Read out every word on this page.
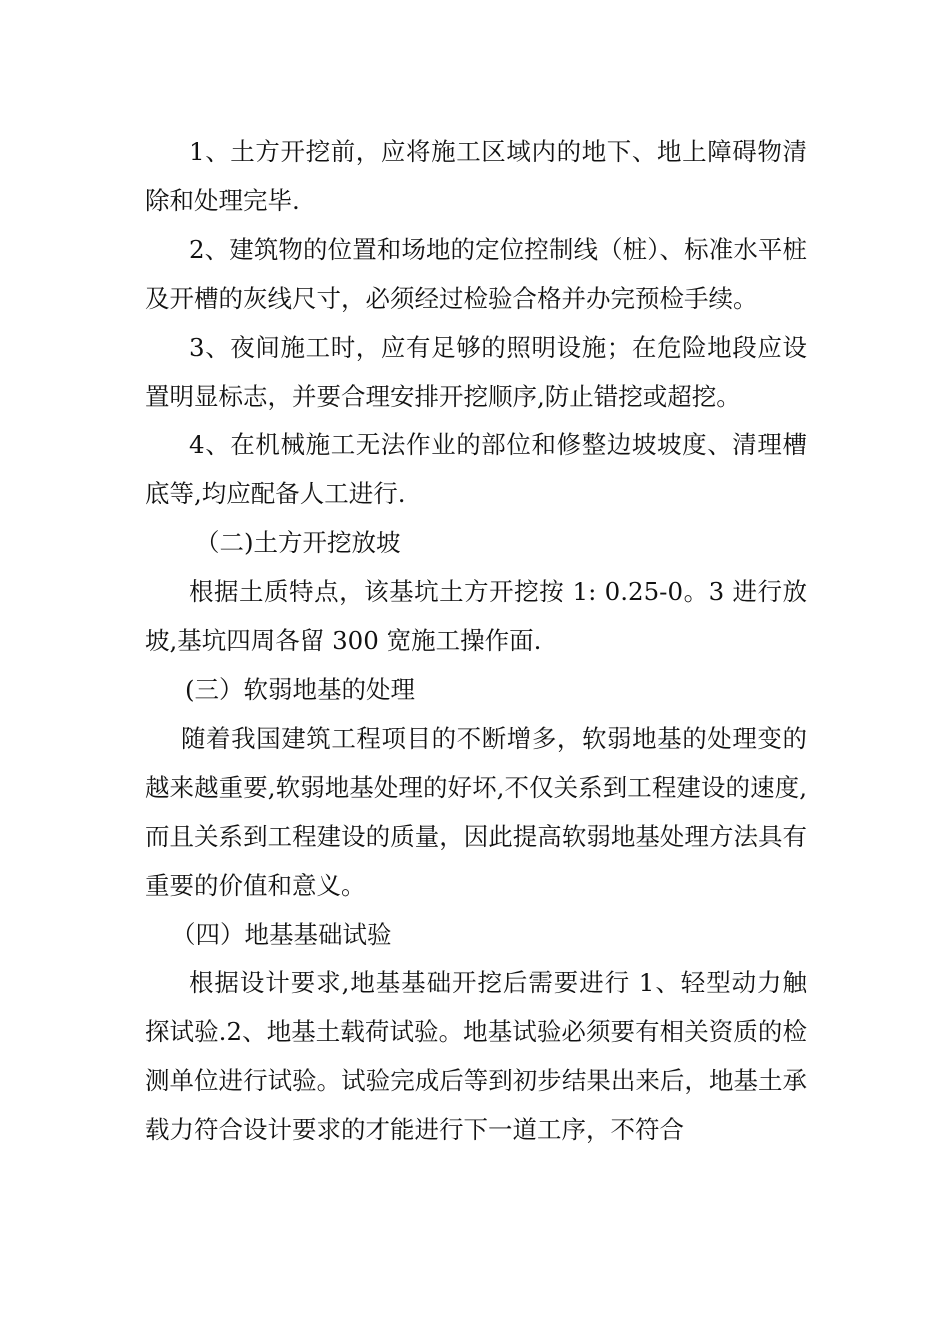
1、土方开挖前，应将施工区域内的地下、地上障碍物清除和处理完毕.

2、建筑物的位置和场地的定位控制线（桩）、标准水平桩及开槽的灰线尺寸，必须经过检验合格并办完预检手续。

3、夜间施工时，应有足够的照明设施；在危险地段应设置明显标志，并要合理安排开挖顺序,防止错挖或超挖。

4、在机械施工无法作业的部位和修整边坡坡度、清理槽底等,均应配备人工进行.

（二)土方开挖放坡

根据土质特点，该基坑土方开挖按 1: 0.25-0。3 进行放坡,基坑四周各留 300 宽施工操作面.

(三）软弱地基的处理

随着我国建筑工程项目的不断增多，软弱地基的处理变的越来越重要,软弱地基处理的好坏,不仅关系到工程建设的速度,而且关系到工程建设的质量，因此提高软弱地基处理方法具有重要的价值和意义。

（四）地基基础试验

根据设计要求,地基基础开挖后需要进行 1、轻型动力触探试验.2、地基土载荷试验。地基试验必须要有相关资质的检测单位进行试验。试验完成后等到初步结果出来后，地基土承载力符合设计要求的才能进行下一道工序，不符合
